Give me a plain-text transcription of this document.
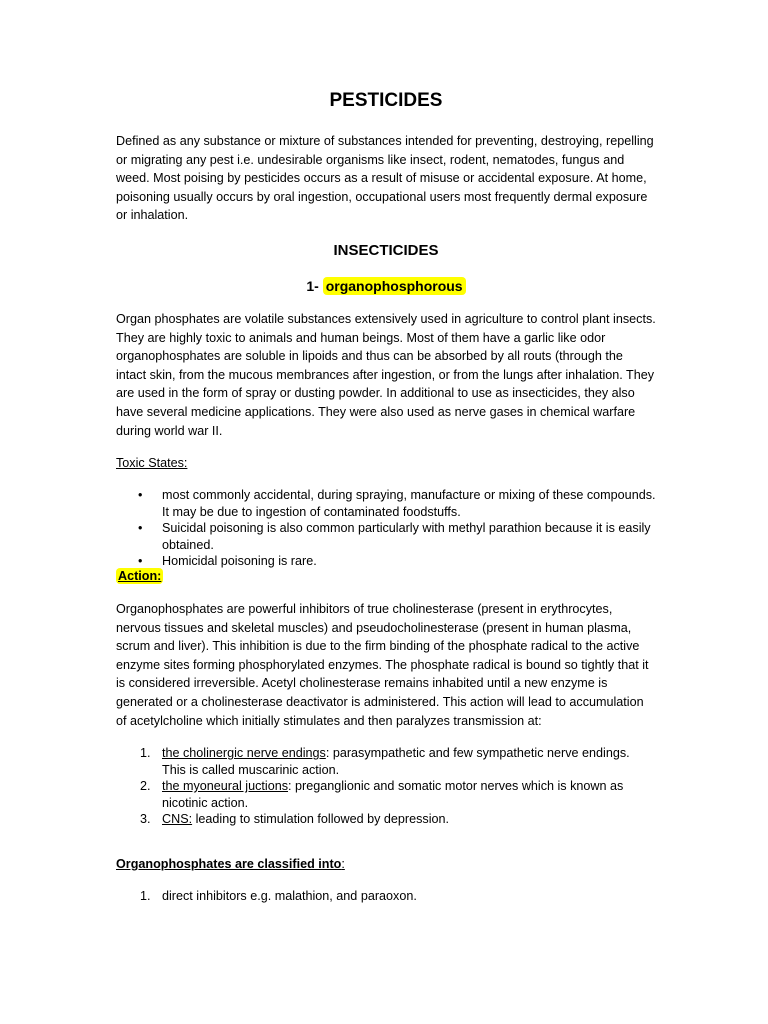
PESTICIDES
Defined as any substance or mixture of substances intended for preventing, destroying, repelling or migrating any pest i.e. undesirable organisms like insect, rodent, nematodes, fungus and weed. Most poising by pesticides occurs as a result of misuse or accidental exposure. At home, poisoning usually occurs by oral ingestion, occupational users most frequently dermal exposure or inhalation.
INSECTICIDES
1- organophosphorous
Organ phosphates are volatile substances extensively used in agriculture to control plant insects. They are highly toxic to animals and human beings. Most of them have a garlic like odor organophosphates are soluble in lipoids and thus can be absorbed by all routs (through the intact skin, from the mucous membrances after ingestion, or from the lungs after inhalation. They are used in the form of spray or dusting powder. In additional to use as insecticides, they also have several medicine applications. They were also used as nerve gases in chemical warfare during world war II.
Toxic States:
• most commonly accidental, during spraying, manufacture or mixing of these compounds. It may be due to ingestion of contaminated foodstuffs.
• Suicidal poisoning is also common particularly with methyl parathion because it is easily obtained.
• Homicidal poisoning is rare.
Action:
Organophosphates are powerful inhibitors of true cholinesterase (present in erythrocytes, nervous tissues and skeletal muscles) and pseudocholinesterase (present in human plasma, scrum and liver). This inhibition is due to the firm binding of the phosphate radical to the active enzyme sites forming phosphorylated enzymes. The phosphate radical is bound so tightly that it is considered irreversible. Acetyl cholinesterase remains inhabited until a new enzyme is generated or a cholinesterase deactivator is administered. This action will lead to accumulation of acetylcholine which initially stimulates and then paralyzes transmission at:
1. the cholinergic nerve endings: parasympathetic and few sympathetic nerve endings. This is called muscarinic action.
2. the myoneural juctions: preganglionic and somatic motor nerves which is known as nicotinic action.
3. CNS: leading to stimulation followed by depression.
Organophosphates are classified into:
1. direct inhibitors e.g. malathion, and paraoxon.
